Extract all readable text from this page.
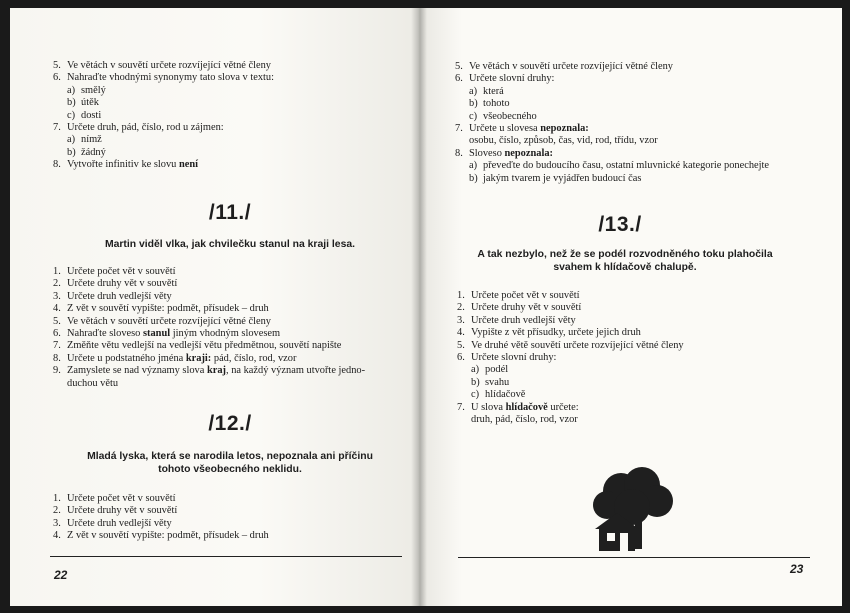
5. Ve větách v souvětí určete rozvíjející větné členy
6. Nahraďte vhodnými synonymy tato slova v textu:
a) smělý
b) útěk
c) dosti
7. Určete druh, pád, číslo, rod u zájmen:
a) nímž
b) žádný
8. Vytvořte infinitiv ke slovu není
/11./
Martin viděl vlka, jak chvilečku stanul na kraji lesa.
1. Určete počet vět v souvětí
2. Určete druhy vět v souvětí
3. Určete druh vedlejší věty
4. Z vět v souvětí vypište: podmět, přísudek – druh
5. Ve větách v souvětí určete rozvíjející větné členy
6. Nahraďte sloveso stanul jiným vhodným slovesem
7. Změňte větu vedlejší na vedlejší větu předmětnou, souvětí napište
8. Určete u podstatného jména kraji: pád, číslo, rod, vzor
9. Zamyslete se nad významy slova kraj, na každý význam utvořte jedno-
duchou větu
/12./
Mladá lyska, která se narodila letos, nepoznala ani příčinu
tohoto všeobecného neklidu.
1. Určete počet vět v souvětí
2. Určete druhy vět v souvětí
3. Určete druh vedlejší věty
4. Z vět v souvětí vypište: podmět, přísudek – druh
22
5. Ve větách v souvětí určete rozvíjející větné členy
6. Určete slovní druhy:
a) která
b) tohoto
c) všeobecného
7. Určete u slovesa nepoznala:
osobu, číslo, způsob, čas, vid, rod, třídu, vzor
8. Sloveso nepoznala:
a) převeďte do budoucího času, ostatní mluvnické kategorie ponechejte
b) jakým tvarem je vyjádřen budoucí čas
/13./
A tak nezbylo, než že se podél rozvodněného toku plahočila
svahem k hlídačově chalupě.
1. Určete počet vět v souvětí
2. Určete druhy vět v souvětí
3. Určete druh vedlejší věty
4. Vypište z vět přísudky, určete jejich druh
5. Ve druhé větě souvětí určete rozvíjející větné členy
6. Určete slovní druhy:
a) podél
b) svahu
c) hlídačově
7. U slova hlídačově určete:
druh, pád, číslo, rod, vzor
23
